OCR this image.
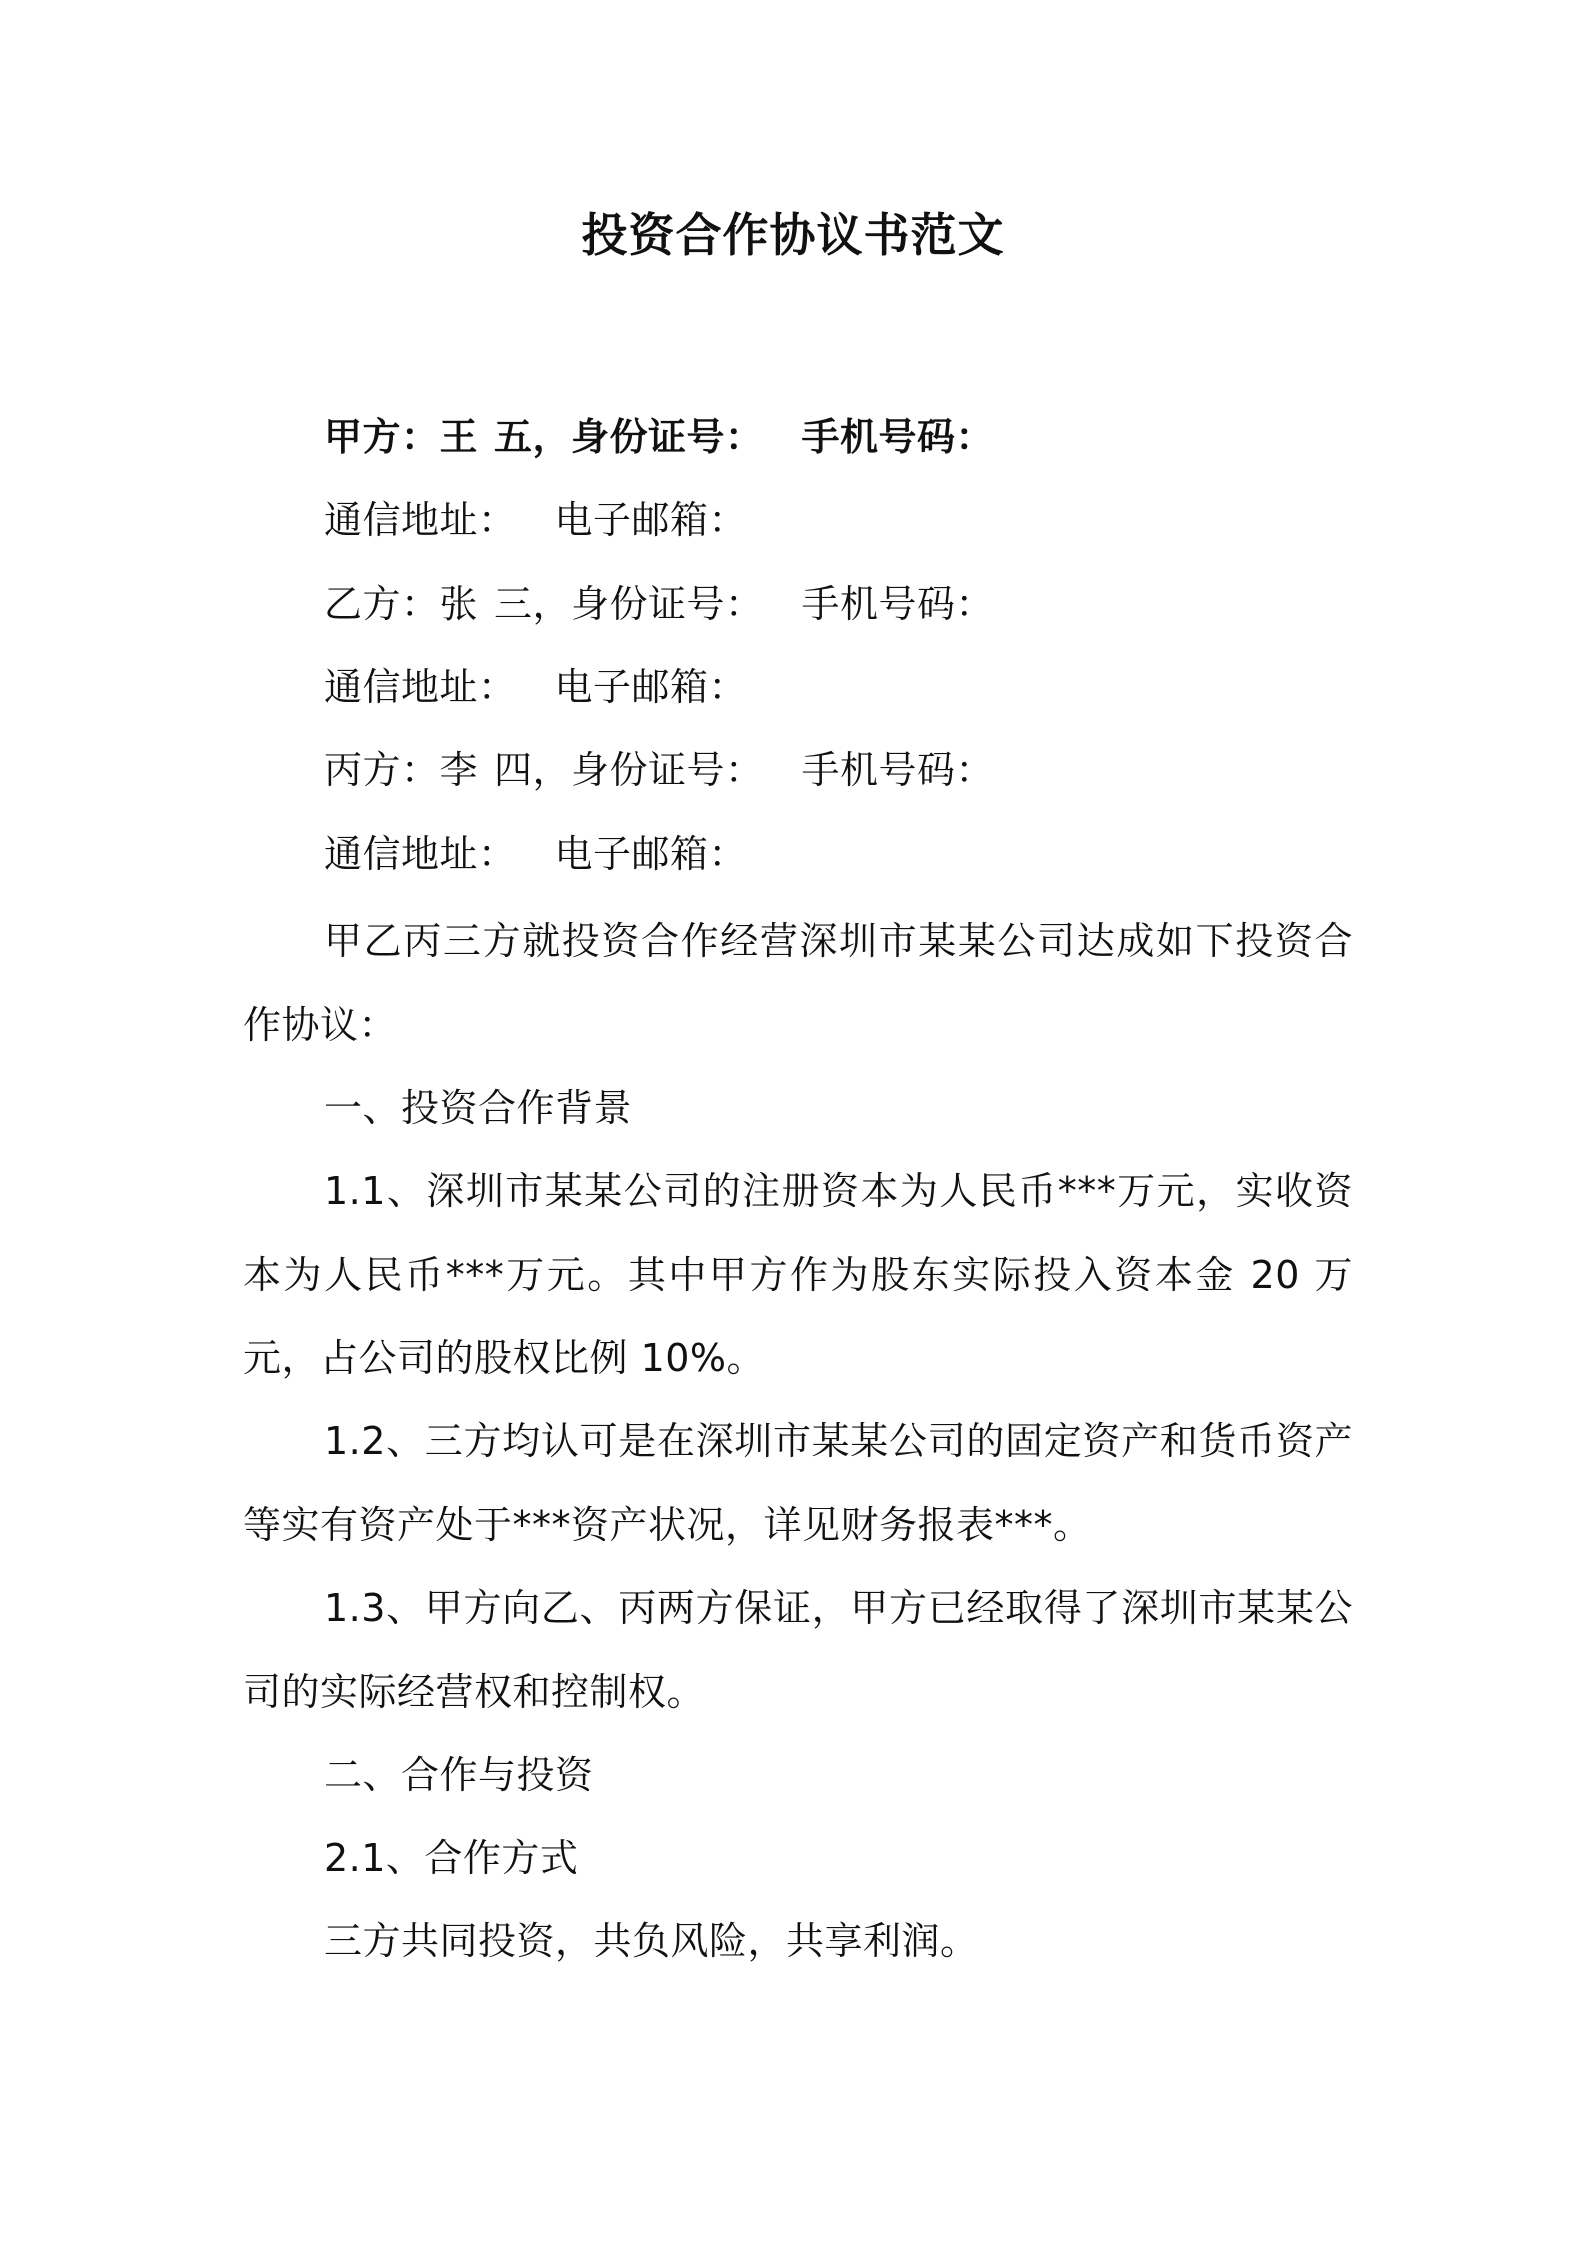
投资合作协议书范文
甲方：王 五，身份证号： 手机号码：
通信地址： 电子邮箱：
乙方：张 三，身份证号： 手机号码：
通信地址： 电子邮箱：
丙方：李 四，身份证号： 手机号码：
通信地址： 电子邮箱：
甲乙丙三方就投资合作经营深圳市某某公司达成如下投资合作协议：
一、投资合作背景
1.1、深圳市某某公司的注册资本为人民币***万元，实收资本为人民币***万元。其中甲方作为股东实际投入资本金 20 万元，占公司的股权比例 10%。
1.2、三方均认可是在深圳市某某公司的固定资产和货币资产等实有资产处于***资产状况，详见财务报表***。
1.3、甲方向乙、丙两方保证，甲方已经取得了深圳市某某公司的实际经营权和控制权。
二、合作与投资
2.1、合作方式
三方共同投资，共负风险，共享利润。
